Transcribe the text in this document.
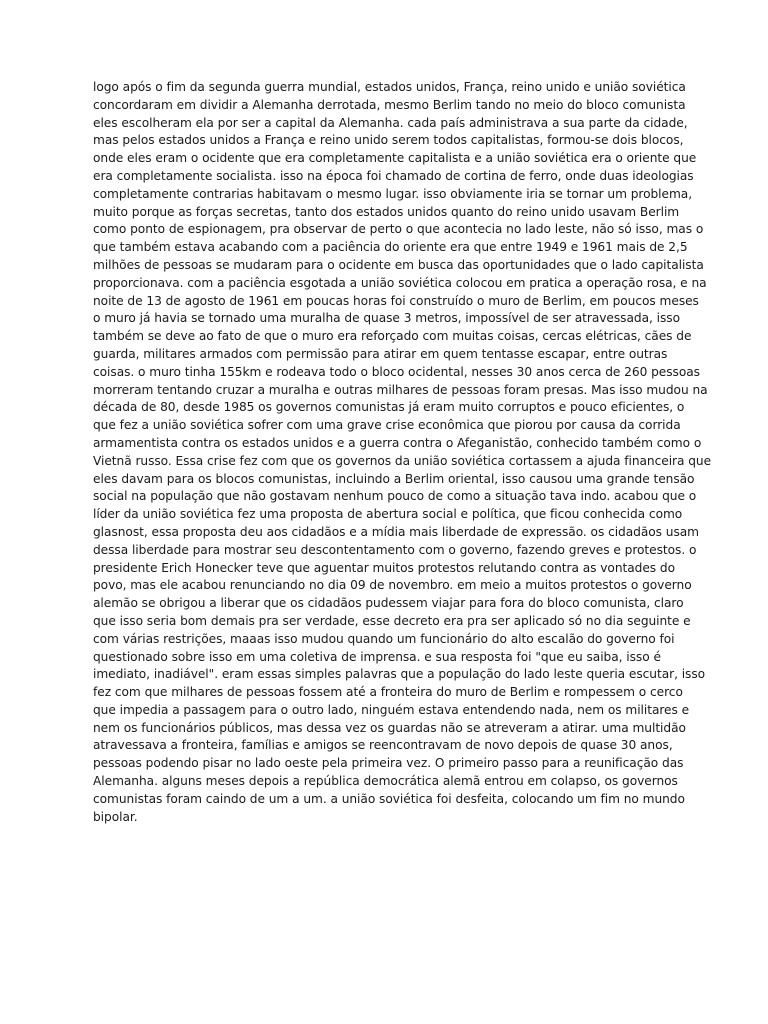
logo após o fim da segunda guerra mundial, estados unidos, França, reino unido e união soviética
concordaram em dividir a Alemanha derrotada, mesmo Berlim tando no meio do bloco comunista
eles escolheram ela por ser a capital da Alemanha. cada país administrava a sua parte da cidade,
mas pelos estados unidos a França e reino unido serem todos capitalistas, formou-se dois blocos,
onde eles eram o ocidente que era completamente capitalista e a união soviética era o oriente que
era completamente socialista. isso na época foi chamado de cortina de ferro, onde duas ideologias
completamente contrarias habitavam o mesmo lugar. isso obviamente iria se tornar um problema,
muito porque as forças secretas, tanto dos estados unidos quanto do reino unido usavam Berlim
como ponto de espionagem, pra observar de perto o que acontecia no lado leste, não só isso, mas o
que também estava acabando com a paciência do oriente era que entre 1949 e 1961 mais de 2,5
milhões de pessoas se mudaram para o ocidente em busca das oportunidades que o lado capitalista
proporcionava. com a paciência esgotada a união soviética colocou em pratica a operação rosa, e na
noite de 13 de agosto de 1961 em poucas horas foi construído o muro de Berlim, em poucos meses
o muro já havia se tornado uma muralha de quase 3 metros, impossível de ser atravessada, isso
também se deve ao fato de que o muro era reforçado com muitas coisas, cercas elétricas, cães de
guarda, militares armados com permissão para atirar em quem tentasse escapar, entre outras
coisas. o muro tinha 155km e rodeava todo o bloco ocidental, nesses 30 anos cerca de 260 pessoas
morreram tentando cruzar a muralha e outras milhares de pessoas foram presas. Mas isso mudou na
década de 80, desde 1985 os governos comunistas já eram muito corruptos e pouco eficientes, o
que fez a união soviética sofrer com uma grave crise econômica que piorou por causa da corrida
armamentista contra os estados unidos e a guerra contra o Afeganistão, conhecido também como o
Vietnã russo. Essa crise fez com que os governos da união soviética cortassem a ajuda financeira que
eles davam para os blocos comunistas, incluindo a Berlim oriental, isso causou uma grande tensão
social na população que não gostavam nenhum pouco de como a situação tava indo. acabou que o
líder da união soviética fez uma proposta de abertura social e política, que ficou conhecida como
glasnost, essa proposta deu aos cidadãos e a mídia mais liberdade de expressão. os cidadãos usam
dessa liberdade para mostrar seu descontentamento com o governo, fazendo greves e protestos. o
presidente Erich Honecker teve que aguentar muitos protestos relutando contra as vontades do
povo, mas ele acabou renunciando no dia 09 de novembro. em meio a muitos protestos o governo
alemão se obrigou a liberar que os cidadãos pudessem viajar para fora do bloco comunista, claro
que isso seria bom demais pra ser verdade, esse decreto era pra ser aplicado só no dia seguinte e
com várias restrições, maaas isso mudou quando um funcionário do alto escalão do governo foi
questionado sobre isso em uma coletiva de imprensa. e sua resposta foi "que eu saiba, isso é
imediato, inadiável". eram essas simples palavras que a população do lado leste queria escutar, isso
fez com que milhares de pessoas fossem até a fronteira do muro de Berlim e rompessem o cerco
que impedia a passagem para o outro lado, ninguém estava entendendo nada, nem os militares e
nem os funcionários públicos, mas dessa vez os guardas não se atreveram a atirar. uma multidão
atravessava a fronteira, famílias e amigos se reencontravam de novo depois de quase 30 anos,
pessoas podendo pisar no lado oeste pela primeira vez. O primeiro passo para a reunificação das
Alemanha. alguns meses depois a república democrática alemã entrou em colapso, os governos
comunistas foram caindo de um a um. a união soviética foi desfeita, colocando um fim no mundo
bipolar.
